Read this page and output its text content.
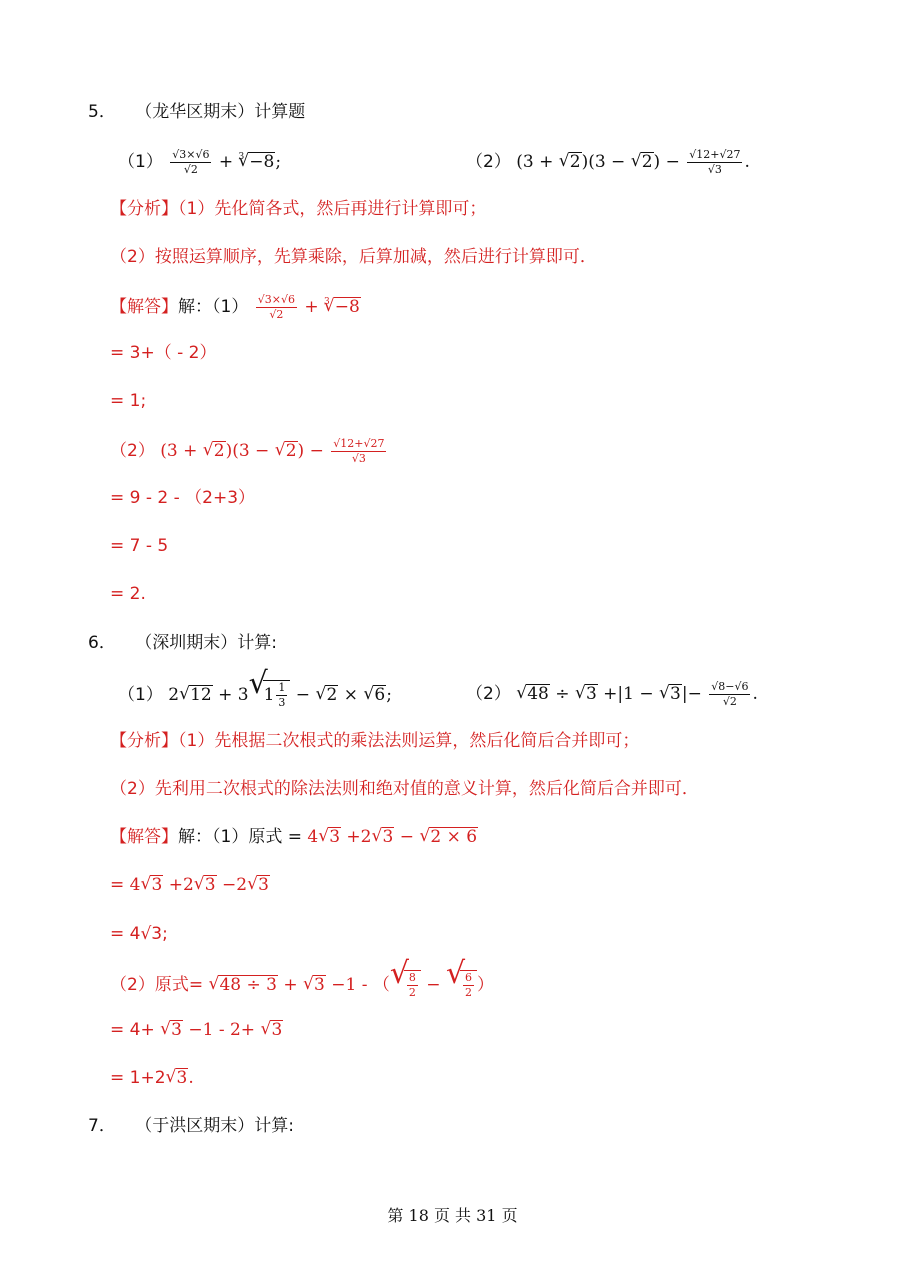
5． （龙华区期末）计算题
$(1) \frac{√3\times√6}{√2} + ^3√ -8$;	（2） (3 + √ 2)(3 − √ $2) - \frac{√12+√27}{√3}$ .
【分析】（1）先化简各式，然后再进行计算即可；
（2）按照运算顺序，先算乘除，后算加减，然后进行计算即可．
【解答】解：$(1) \frac{√3\times√6}{√2} + ^3√ -8$
= 3+（ - 2）
= 1;
（2） (3 + √ 2)(3 − √ $2) - \frac{√12+√27}{√3}$
= 9 - 2 - （2+3）
= 7 - 5
= 2.
6． （深圳期末）计算:
（1） 2√ 12 + 3√ $1 \frac{1}{3}$ − √ 2 × √ 6;	（2） √ 48 ÷ √ 3 +|1 − √ $3|- \frac{√8-√6}{√2}$ .
【分析】（1）先根据二次根式的乘法法则运算，然后化简后合并即可；
（2）先利用二次根式的除法法则和绝对值的意义计算，然后化简后合并即可．
【解答】解：（1）原式 = 4√ 3 +2√ 3 − √ 2 × 6
= 4√ 3 +2√ 3 −2√ 3
= 4√3;
（2）原式= √ 48 ÷ 3 + √ 3 −1 - （
√ $\frac{8}{2}$ −
√ $\frac{6}{2}$ ）
= 4+ √ 3 −1 - 2+ √ 3
= 1+2√ 3.
7． （于洪区期末）计算:
第 18 页 共 31 页
